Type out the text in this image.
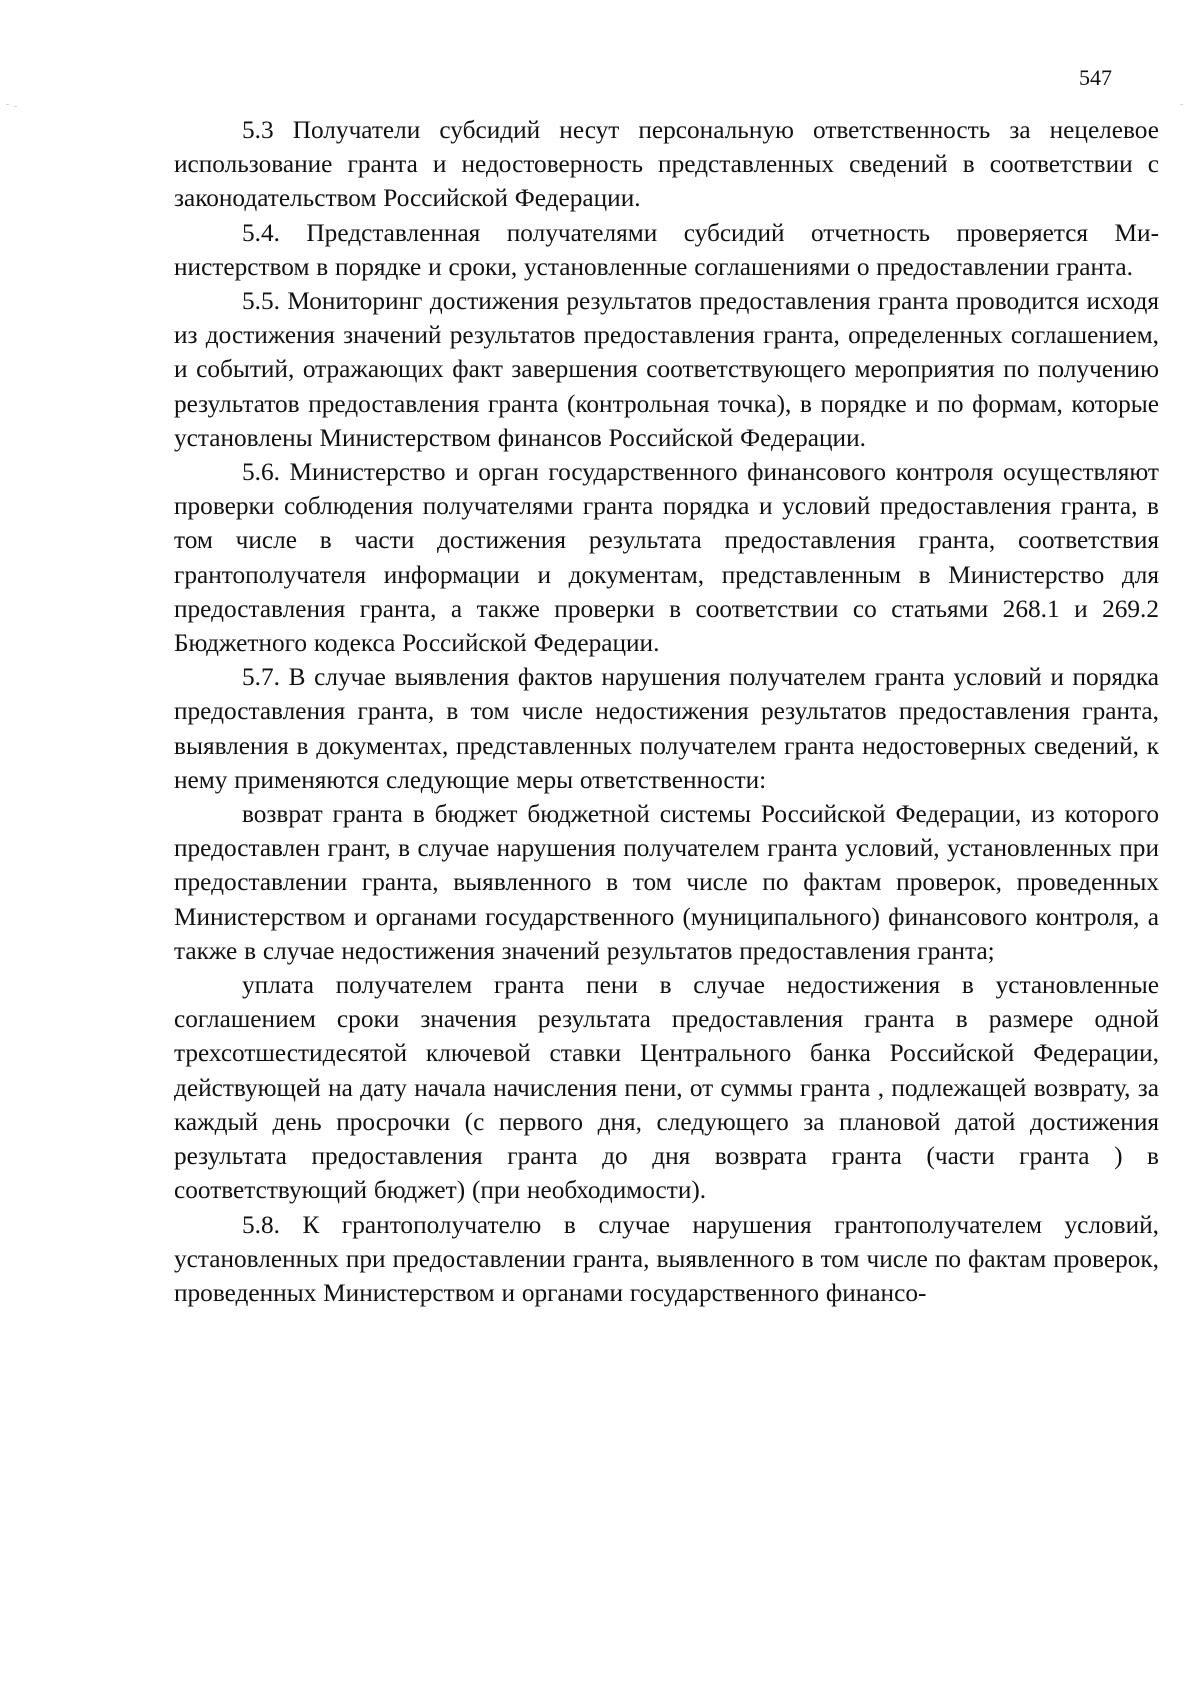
547

5.3 Получатели субсидий несут персональную ответственность за нецелевое использование гранта и недостоверность представленных сведений в соответствии с законодательством Российской Федерации.

5.4. Представленная получателями субсидий отчетность проверяется Министерством в порядке и сроки, установленные соглашениями о предоставлении гранта.

5.5. Мониторинг достижения результатов предоставления гранта проводится исходя из достижения значений результатов предоставления гранта, определенных соглашением, и событий, отражающих факт завершения соответствующего мероприятия по получению результатов предоставления гранта (контрольная точка), в порядке и по формам, которые установлены Министерством финансов Российской Федерации.

5.6. Министерство и орган государственного финансового контроля осуществляют проверки соблюдения получателями гранта порядка и условий предоставления гранта, в том числе в части достижения результата предоставления гранта, соответствия грантополучателя информации и документам, представленным в Министерство для предоставления гранта, а также проверки в соответствии со статьями 268.1 и 269.2 Бюджетного кодекса Российской Федерации.

5.7. В случае выявления фактов нарушения получателем гранта условий и порядка предоставления гранта, в том числе недостижения результатов предоставления гранта, выявления в документах, представленных получателем гранта недостоверных сведений, к нему применяются следующие меры ответственности:

возврат гранта в бюджет бюджетной системы Российской Федерации, из которого предоставлен грант, в случае нарушения получателем гранта условий, установленных при предоставлении гранта, выявленного в том числе по фактам проверок, проведенных Министерством и органами государственного (муниципального) финансового контроля, а также в случае недостижения значений результатов предоставления гранта;

уплата получателем гранта пени в случае недостижения в установленные соглашением сроки значения результата предоставления гранта в размере одной трехсотшестидесятой ключевой ставки Центрального банка Российской Федерации, действующей на дату начала начисления пени, от суммы гранта , подлежащей возврату, за каждый день просрочки (с первого дня, следующего за плановой датой достижения результата предоставления гранта до дня возврата гранта (части гранта ) в соответствующий бюджет) (при необходимости).

5.8. К грантополучателю в случае нарушения грантополучателем условий, установленных при предоставлении гранта, выявленного в том числе по фактам проверок, проведенных Министерством и органами государственного финансо-
